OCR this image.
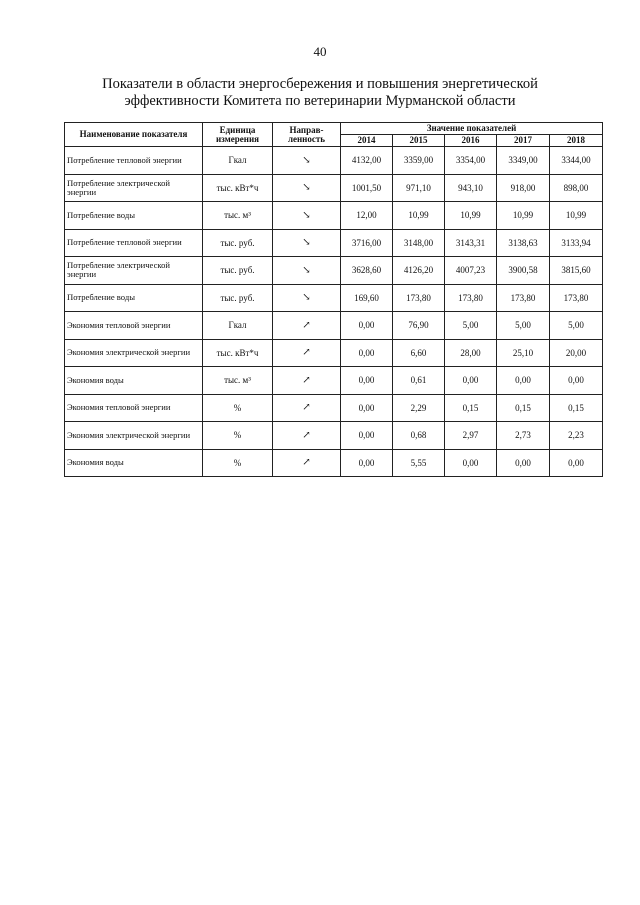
40
Показатели в области энергосбережения и повышения энергетической
эффективности Комитета по ветеринарии Мурманской области
Наименование показателя	Единица измерения	Направ-ленность	Значение показателей				
			2014	2015	2016	2017	2018
Потребление тепловой энергии	Гкал	↘	4132,00	3359,00	3354,00	3349,00	3344,00
Потребление электрической энергии	тыс. кВт*ч	↘	1001,50	971,10	943,10	918,00	898,00
Потребление воды	тыс. м³	↘	12,00	10,99	10,99	10,99	10,99
Потребление тепловой энергии	тыс. руб.	↘	3716,00	3148,00	3143,31	3138,63	3133,94
Потребление электрической энергии	тыс. руб.	↘	3628,60	4126,20	4007,23	3900,58	3815,60
Потребление воды	тыс. руб.	↘	169,60	173,80	173,80	173,80	173,80
Экономия тепловой энергии	Гкал	↗	0,00	76,90	5,00	5,00	5,00
Экономия электрической энергии	тыс. кВт*ч	↗	0,00	6,60	28,00	25,10	20,00
Экономия воды	тыс. м³	↗	0,00	0,61	0,00	0,00	0,00
Экономия тепловой энергии	%	↗	0,00	2,29	0,15	0,15	0,15
Экономия электрической энергии	%	↗	0,00	0,68	2,97	2,73	2,23
Экономия воды	%	↗	0,00	5,55	0,00	0,00	0,00
